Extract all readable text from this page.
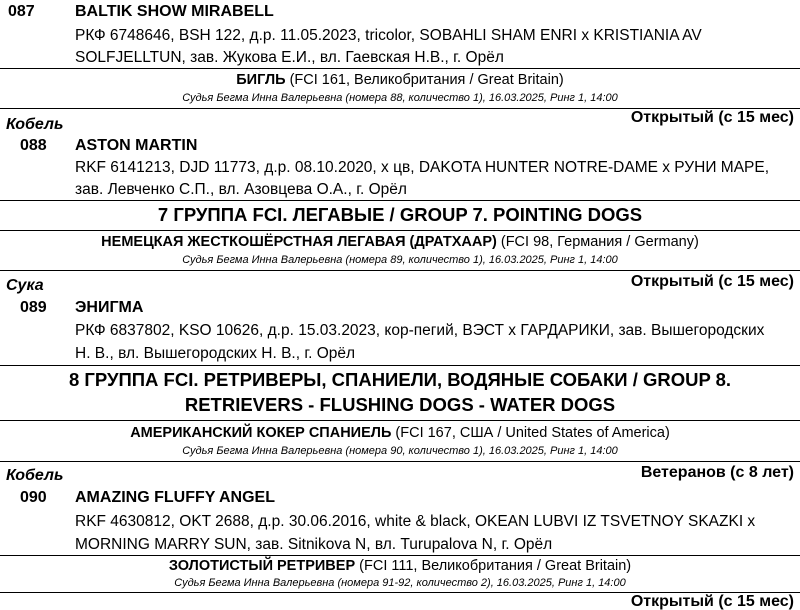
087	BALTIK SHOW MIRABELL
РКФ 6748646, BSH 122, д.р. 11.05.2023, tricolor, SOBAHLI SHAM ENRI x KRISTIANIA AV
SOLFJELLTUN, зав. Жукова Е.И., вл. Гаевская Н.В., г. Орёл
БИГЛЬ (FCI 161, Великобритания / Great Britain)
Судья Бегма Инна Валерьевна (номера 88, количество 1), 16.03.2025, Ринг 1, 14:00
Кобель	Открытый (с 15 мес)
088 ASTON MARTIN
RKF 6141213, DJD 11773, д.р. 08.10.2020, х цв, DAKOTA HUNTER NOTRE-DAME x РУНИ МАРЕ,
зав. Левченко С.П., вл. Азовцева О.А., г. Орёл
7 ГРУППА FCI. ЛЕГАВЫЕ / GROUP 7. POINTING DOGS
НЕМЕЦКАЯ ЖЕСТКОШЁРСТНАЯ ЛЕГАВАЯ (ДРАТХААР) (FCI 98, Германия / Germany)
Судья Бегма Инна Валерьевна (номера 89, количество 1), 16.03.2025, Ринг 1, 14:00
Сука	Открытый (с 15 мес)
089 ЭНИГМА
РКФ 6837802, KSO 10626, д.р. 15.03.2023, кор-пегий, ВЭСТ х ГАРДАРИКИ, зав. Вышегородских
Н. В., вл. Вышегородских Н. В., г. Орёл
8 ГРУППА FCI. РЕТРИВЕРЫ, СПАНИЕЛИ, ВОДЯНЫЕ СОБАКИ / GROUP 8.
RETRIEVERS - FLUSHING DOGS - WATER DOGS
АМЕРИКАНСКИЙ КОКЕР СПАНИЕЛЬ (FCI 167, США / United States of America)
Судья Бегма Инна Валерьевна (номера 90, количество 1), 16.03.2025, Ринг 1, 14:00
Кобель	Ветеранов (с 8 лет)
090 AMAZING FLUFFY ANGEL
RKF 4630812, OKT 2688, д.р. 30.06.2016, white & black, OKEAN LUBVI IZ TSVETNOY SKAZKI x
MORNING MARRY SUN, зав. Sitnikova N, вл. Turupalova N, г. Орёл
ЗОЛОТИСТЫЙ РЕТРИВЕР (FCI 111, Великобритания / Great Britain)
Судья Бегма Инна Валерьевна (номера 91-92, количество 2), 16.03.2025, Ринг 1, 14:00
Открытый (с 15 мес)
